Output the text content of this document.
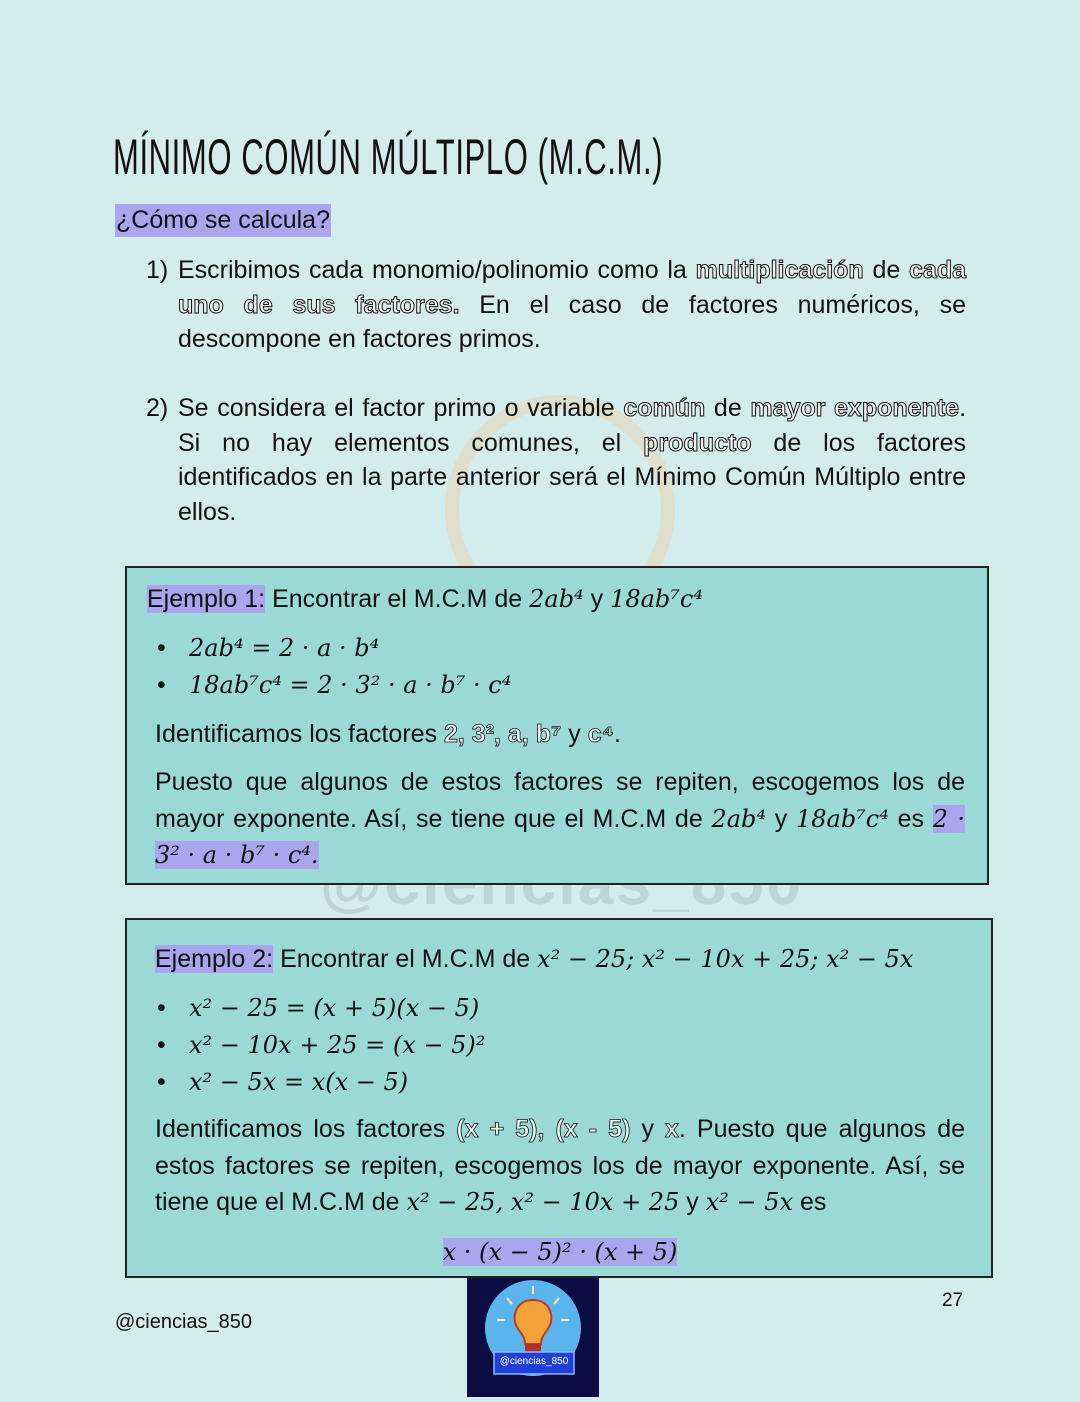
MÍNIMO COMÚN MÚLTIPLO (M.C.M.)
¿Cómo se calcula?
1) Escribimos cada monomio/polinomio como la multiplicación de cada uno de sus factores. En el caso de factores numéricos, se descompone en factores primos.
2) Se considera el factor primo o variable común de mayor exponente. Si no hay elementos comunes, el producto de los factores identificados en la parte anterior será el Mínimo Común Múltiplo entre ellos.
Ejemplo 1: Encontrar el M.C.M de 2ab⁴ y 18ab⁷c⁴
• 2ab⁴ = 2 · a · b⁴
• 18ab⁷c⁴ = 2 · 3² · a · b⁷ · c⁴
Identificamos los factores 2, 3², a, b⁷ y c⁴.
Puesto que algunos de estos factores se repiten, escogemos los de mayor exponente. Así, se tiene que el M.C.M de 2ab⁴ y 18ab⁷c⁴ es 2 · 3² · a · b⁷ · c⁴.
Ejemplo 2: Encontrar el M.C.M de x² − 25; x² − 10x + 25; x² − 5x
• x² − 25 = (x + 5)(x − 5)
• x² − 10x + 25 = (x − 5)²
• x² − 5x = x(x − 5)
Identificamos los factores (x + 5), (x - 5) y x. Puesto que algunos de estos factores se repiten, escogemos los de mayor exponente. Así, se tiene que el M.C.M de x² − 25, x² − 10x + 25 y x² − 5x es
x · (x − 5)² · (x + 5)
@ciencias_850
27
@ciencias_850
